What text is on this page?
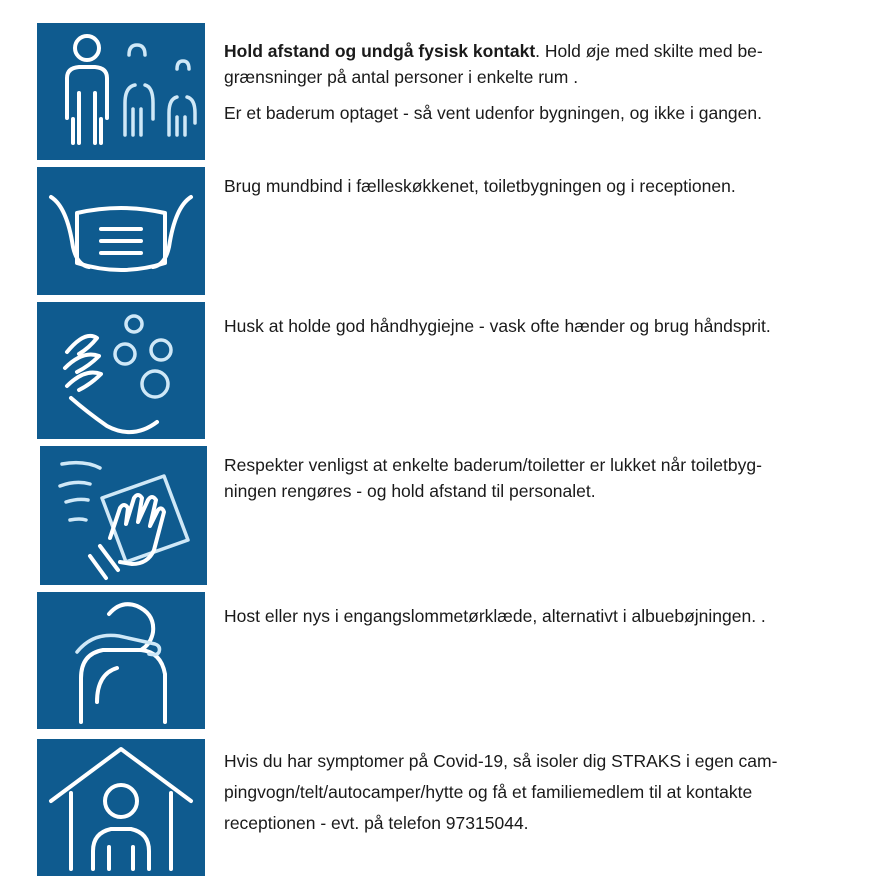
Hold afstand og undgå fysisk kontakt. Hold øje med skilte med be-
grænsninger på antal personer i enkelte rum .

Er et baderum optaget - så vent udenfor bygningen, og ikke i gangen.

Brug mundbind i fælleskøkkenet, toiletbygningen og i receptionen.
Husk at holde god håndhygiejne - vask ofte hænder og brug håndsprit.
Respekter venligst at enkelte baderum/toiletter er lukket når toiletbyg-
ningen rengøres - og hold afstand til personalet.
Host eller nys i engangslommetørklæde, alternativt i albuebøjningen. .
Hvis du har symptomer på Covid-19, så isoler dig STRAKS i egen cam-
pingvogn/telt/autocamper/hytte og få et familiemedlem til at kontakte
receptionen - evt. på telefon 97315044.
